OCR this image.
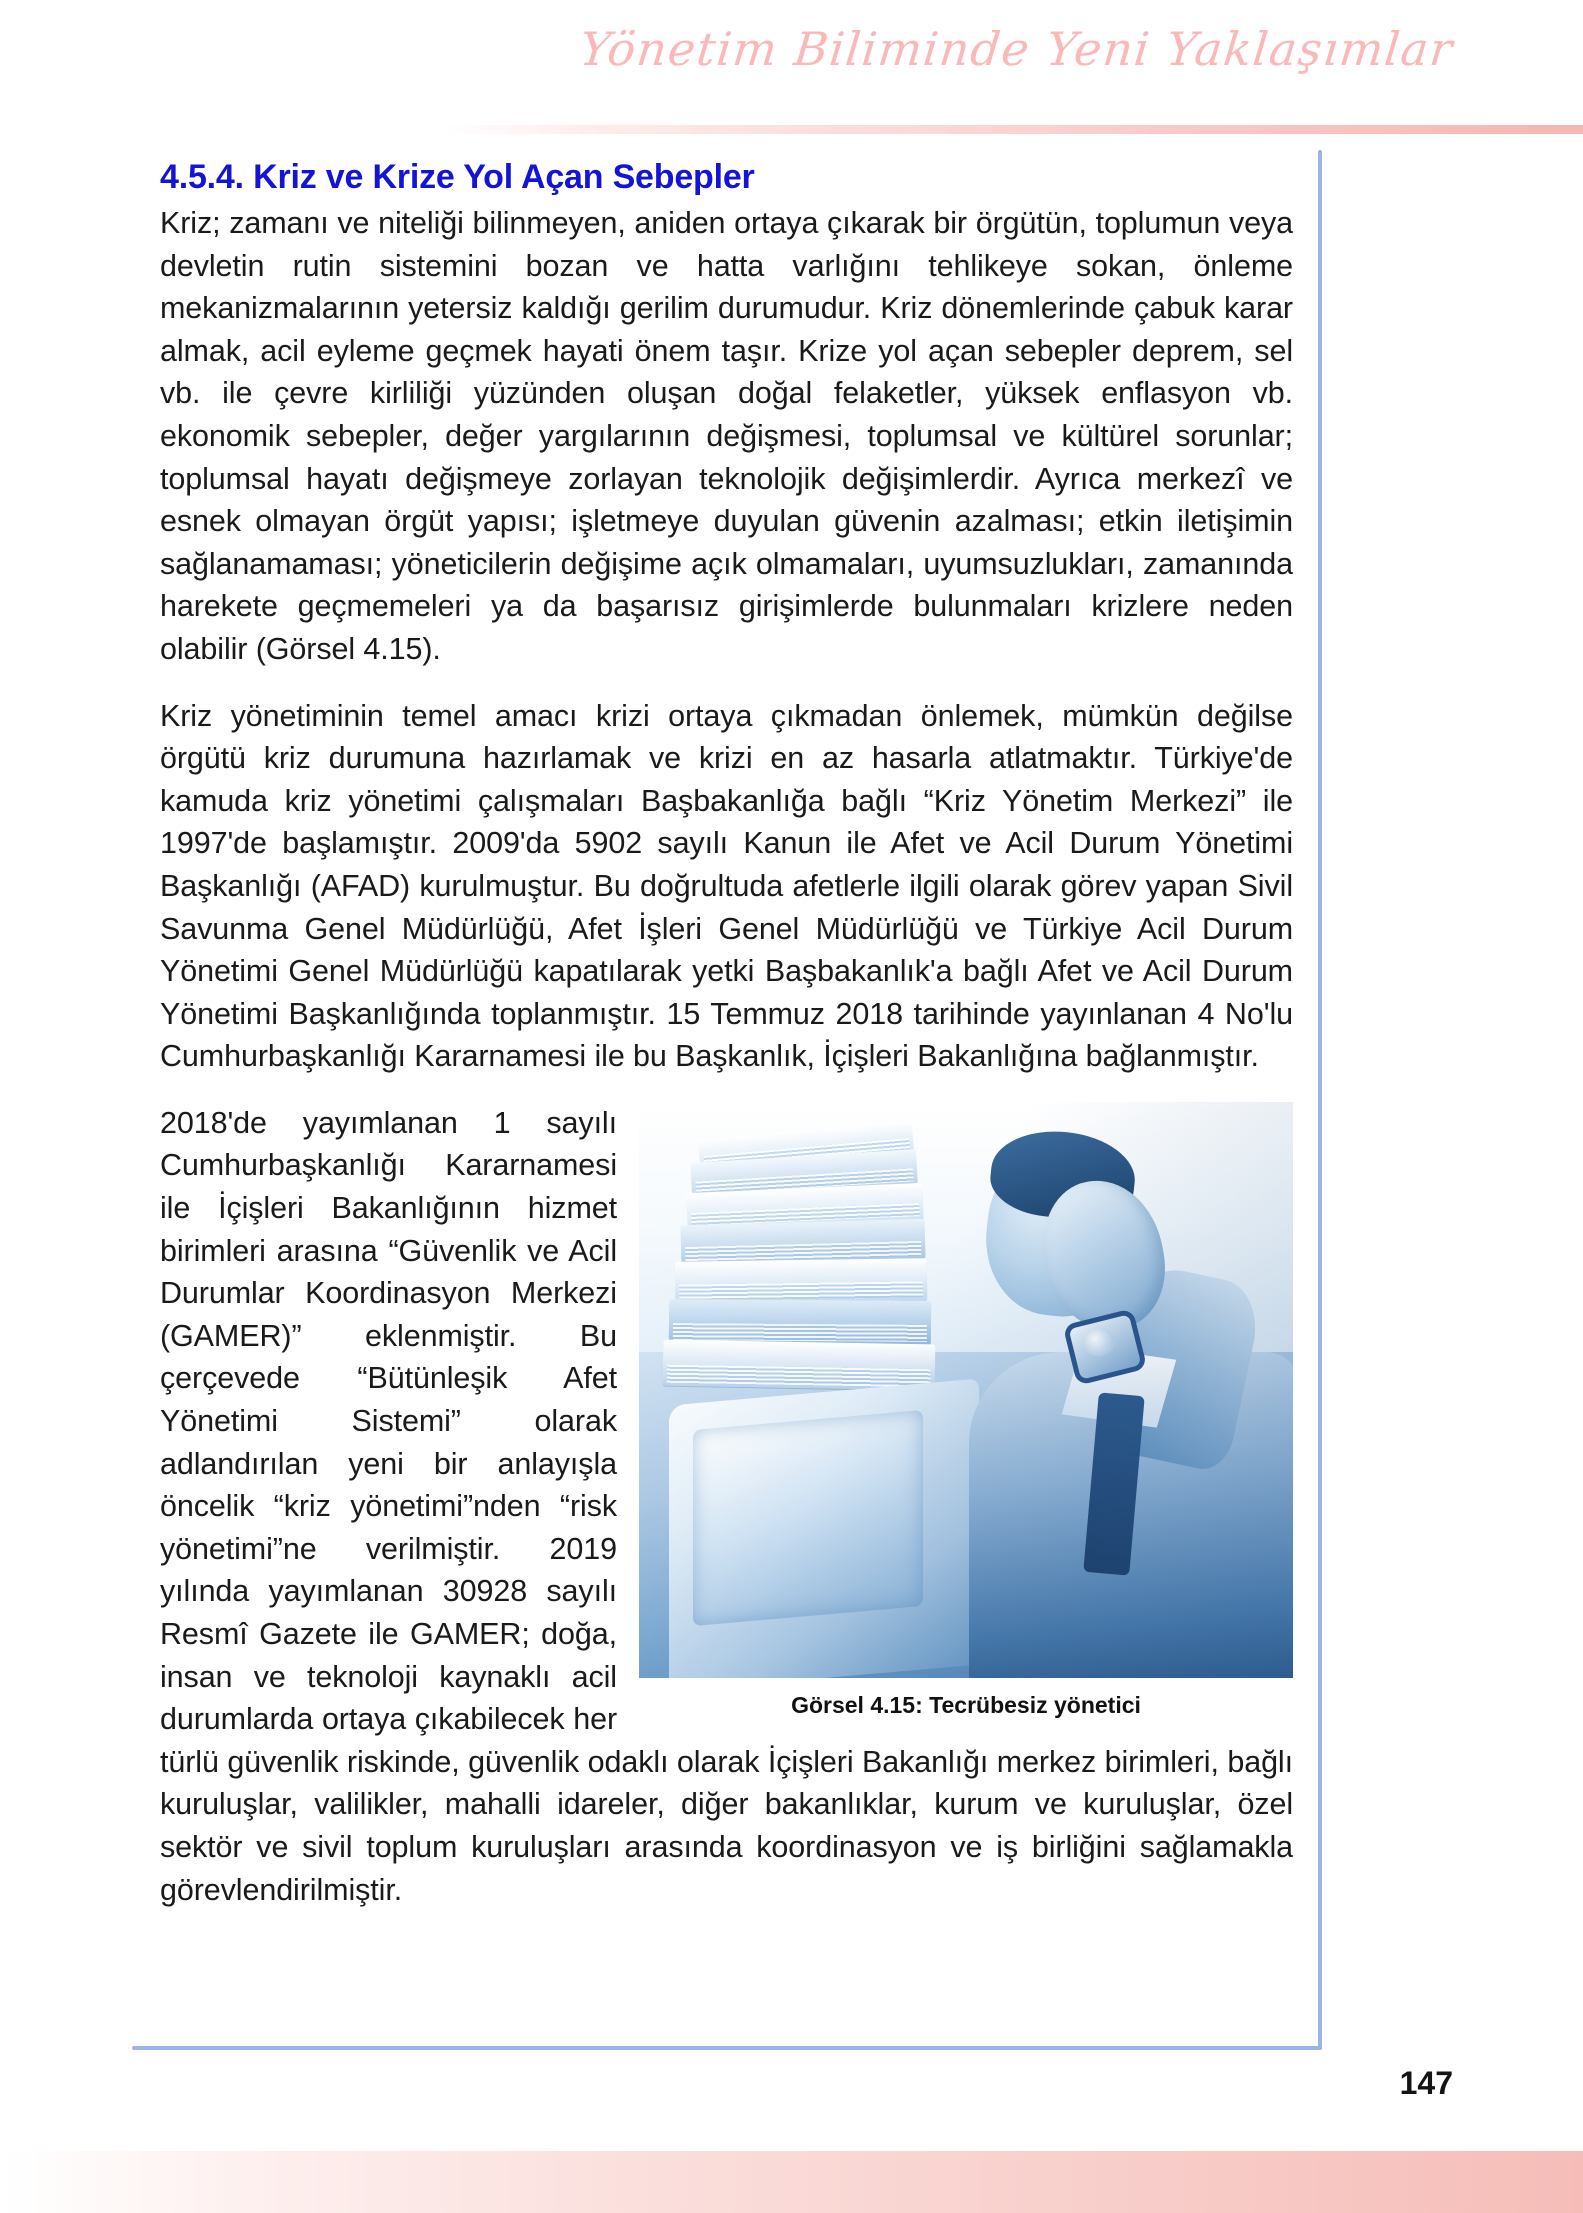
Yönetim Biliminde Yeni Yaklaşımlar
4.5.4. Kriz ve Krize Yol Açan Sebepler

Kriz; zamanı ve niteliği bilinmeyen, aniden ortaya çıkarak bir örgütün, toplumun veya devletin rutin sistemini bozan ve hatta varlığını tehlikeye sokan, önleme mekanizmalarının yetersiz kaldığı gerilim durumudur. Kriz dönemlerinde çabuk karar almak, acil eyleme geçmek hayati önem taşır. Krize yol açan sebepler deprem, sel vb. ile çevre kirliliği yüzünden oluşan doğal felaketler, yüksek enflasyon vb. ekonomik sebepler, değer yargılarının değişmesi, toplumsal ve kültürel sorunlar; toplumsal hayatı değişmeye zorlayan teknolojik değişimlerdir. Ayrıca merkezî ve esnek olmayan örgüt yapısı; işletmeye duyulan güvenin azalması; etkin iletişimin sağlanamaması; yöneticilerin değişime açık olmamaları, uyumsuzlukları, zamanında harekete geçmemeleri ya da başarısız girişimlerde bulunmaları krizlere neden olabilir (Görsel 4.15).

Kriz yönetiminin temel amacı krizi ortaya çıkmadan önlemek, mümkün değilse örgütü kriz durumuna hazırlamak ve krizi en az hasarla atlatmaktır. Türkiye'de kamuda kriz yönetimi çalışmaları Başbakanlığa bağlı “Kriz Yönetim Merkezi” ile 1997'de başlamıştır. 2009'da 5902 sayılı Kanun ile Afet ve Acil Durum Yönetimi Başkanlığı (AFAD) kurulmuştur. Bu doğrultuda afetlerle ilgili olarak görev yapan Sivil Savunma Genel Müdürlüğü, Afet İşleri Genel Müdürlüğü ve Türkiye Acil Durum Yönetimi Genel Müdürlüğü kapatılarak yetki Başbakanlık'a bağlı Afet ve Acil Durum Yönetimi Başkanlığında toplanmıştır. 15 Temmuz 2018 tarihinde yayınlanan 4 No'lu Cumhurbaşkanlığı Kararnamesi ile bu Başkanlık, İçişleri Bakanlığına bağlanmıştır.

Görsel 4.15: Tecrübesiz yönetici
2018'de yayımlanan 1 sayılı Cumhurbaşkanlığı Kararnamesi ile İçişleri Bakanlığının hizmet birimleri arasına “Güvenlik ve Acil Durumlar Koordinasyon Merkezi (GAMER)” eklenmiştir. Bu çerçevede “Bütünleşik Afet Yönetimi Sistemi” olarak adlandırılan yeni bir anlayışla öncelik “kriz yönetimi”nden “risk yönetimi”ne verilmiştir. 2019 yılında yayımlanan 30928 sayılı Resmî Gazete ile GAMER; doğa, insan ve teknoloji kaynaklı acil durumlarda ortaya çıkabilecek her türlü güvenlik riskinde, güvenlik odaklı olarak İçişleri Bakanlığı merkez birimleri, bağlı kuruluşlar, valilikler, mahalli idareler, diğer bakanlıklar, kurum ve kuruluşlar, özel sektör ve sivil toplum kuruluşları arasında koordinasyon ve iş birliğini sağlamakla görevlendirilmiştir.
147
